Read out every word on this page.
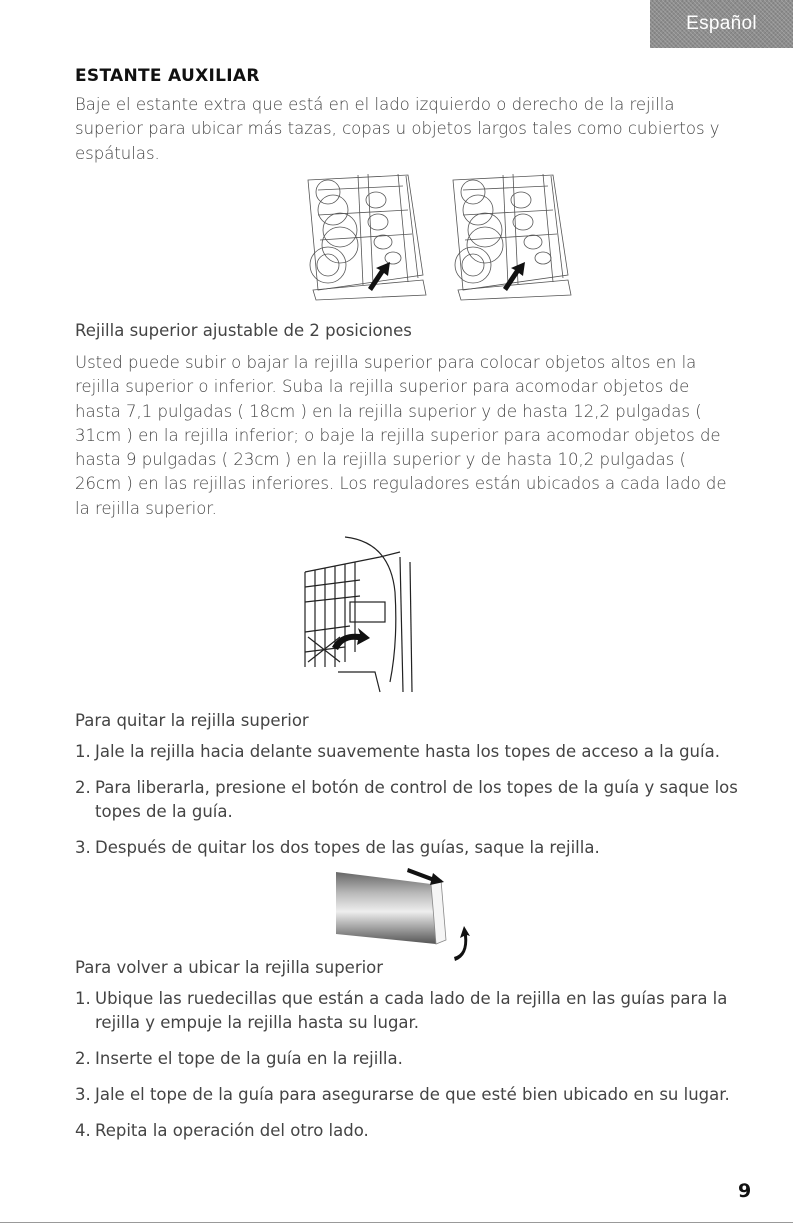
Español
ESTANTE AUXILIAR
Baje el estante extra que está en el lado izquierdo o derecho de la rejilla superior para ubicar más tazas, copas u objetos largos tales como cubiertos y espátulas.
Rejilla superior ajustable de 2 posiciones
Usted puede subir o bajar la rejilla superior para colocar objetos altos en la rejilla superior o inferior. Suba la rejilla superior para acomodar objetos de hasta 7,1 pulgadas ( 18cm ) en la rejilla superior y de hasta 12,2 pulgadas ( 31cm ) en la rejilla inferior; o baje la rejilla superior para acomodar objetos de hasta 9 pulgadas ( 23cm ) en la rejilla superior y de hasta 10,2 pulgadas ( 26cm ) en las rejillas inferiores. Los reguladores están ubicados a cada lado de la rejilla superior.
Para quitar la rejilla superior
1. Jale la rejilla hacia delante suavemente hasta los topes de acceso a la guía.
2. Para liberarla, presione el botón de control de los topes de la guía y saque los topes de la guía.
3. Después de quitar los dos topes de las guías, saque la rejilla.
Para volver a ubicar la rejilla superior
1. Ubique las ruedecillas que están a cada lado de la rejilla en las guías para la rejilla y empuje la rejilla hasta su lugar.
2. Inserte el tope de la guía en la rejilla.
3. Jale el tope de la guía para asegurarse de que esté bien ubicado en su lugar.
4. Repita la operación del otro lado.
9
